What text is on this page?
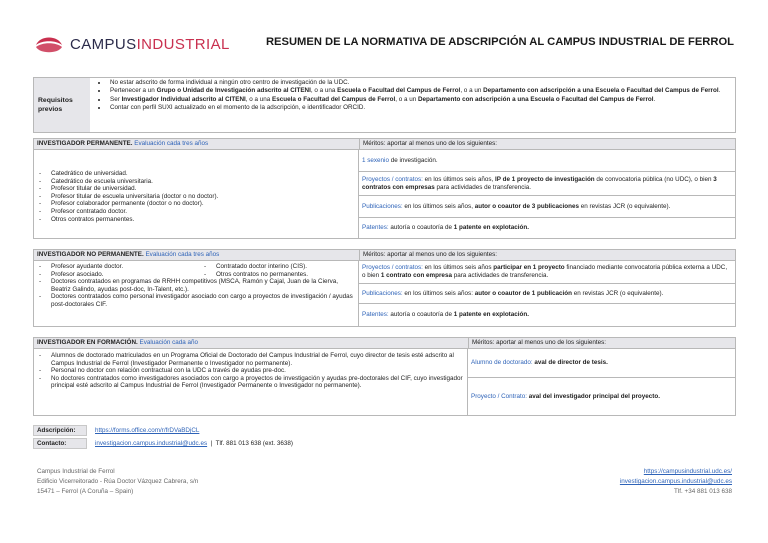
CAMPUSINDUSTRIAL	RESUMEN DE LA NORMATIVA DE ADSCRIPCIÓN AL CAMPUS INDUSTRIAL DE FERROL
Requisitos previos
• No estar adscrito de forma individual a ningún otro centro de investigación de la UDC.
• Pertenecer a un Grupo o Unidad de Investigación adscrito al CITENI, o a una Escuela o Facultad del Campus de Ferrol, o a un Departamento con adscripción a una Escuela o Facultad del Campus de Ferrol.
• Ser Investigador Individual adscrito al CITENI, o a una Escuela o Facultad del Campus de Ferrol, o a un Departamento con adscripción a una Escuela o Facultad del Campus de Ferrol.
• Contar con perfil SUXI actualizado en el momento de la adscripción, e identificador ORCID.
INVESTIGADOR PERMANENTE. Evaluación cada tres años	Méritos: aportar al menos uno de los siguientes:
- Catedrático de universidad.
- Catedrático de escuela universitaria.
- Profesor titular de universidad.
- Profesor titular de escuela universitaria (doctor o no doctor).
- Profesor colaborador permanente (doctor o no doctor).
- Profesor contratado doctor.
- Otros contratos permanentes.
1 sexenio de investigación.
Proyectos / contratos: en los últimos seis años, IP de 1 proyecto de investigación de convocatoria pública (no UDC), o bien 3 contratos con empresas para actividades de transferencia.
Publicaciones: en los últimos seis años, autor o coautor de 3 publicaciones en revistas JCR (o equivalente).
Patentes: autoría o coautoría de 1 patente en explotación.
INVESTIGADOR NO PERMANENTE. Evaluación cada tres años	Méritos: aportar al menos uno de los siguientes:
- Profesor ayudante doctor.	- Contratado doctor interino (CIS).
- Profesor asociado.	- Otros contratos no permanentes.
- Doctores contratados en programas de RRHH competitivos (MSCA, Ramón y Cajal, Juan de la Cierva, Beatriz Galindo, ayudas post-doc, In-Talent, etc.).
- Doctores contratados como personal investigador asociado con cargo a proyectos de investigación / ayudas post-doctorales CIF.
Proyectos / contratos: en los últimos seis años participar en 1 proyecto financiado mediante convocatoria pública externa a UDC, o bien 1 contrato con empresa para actividades de transferencia.
Publicaciones: en los últimos seis años: autor o coautor de 1 publicación en revistas JCR (o equivalente).
Patentes: autoría o coautoría de 1 patente en explotación.
INVESTIGADOR EN FORMACIÓN. Evaluación cada año	Méritos: aportar al menos uno de los siguientes:
- Alumnos de doctorado matriculados en un Programa Oficial de Doctorado del Campus Industrial de Ferrol, cuyo director de tesis esté adscrito al Campus Industrial de Ferrol (Investigador Permanente o Investigador no permanente).
- Personal no doctor con relación contractual con la UDC a través de ayudas pre-doc.
- No doctores contratados como investigadores asociados con cargo a proyectos de investigación y ayudas pre-doctorales del CIF, cuyo investigador principal esté adscrito al Campus Industrial de Ferrol (Investigador Permanente o Investigador no permanente).
Alumno de doctorado: aval de director de tesis.
Proyecto / Contrato: aval del investigador principal del proyecto.
Adscripción:	https://forms.office.com/r/frDVaBDjCL
Contacto:	investigacion.campus.industrial@udc.es  |  Tlf. 881 013 638 (ext. 3638)
Campus Industrial de Ferrol
Edificio Vicerreitorado - Rúa Doctor Vázquez Cabrera, s/n
15471 – Ferrol (A Coruña – Spain)
https://campusindustrial.udc.es/
investigacion.campus.industrial@udc.es
Tlf. +34 881 013 638
